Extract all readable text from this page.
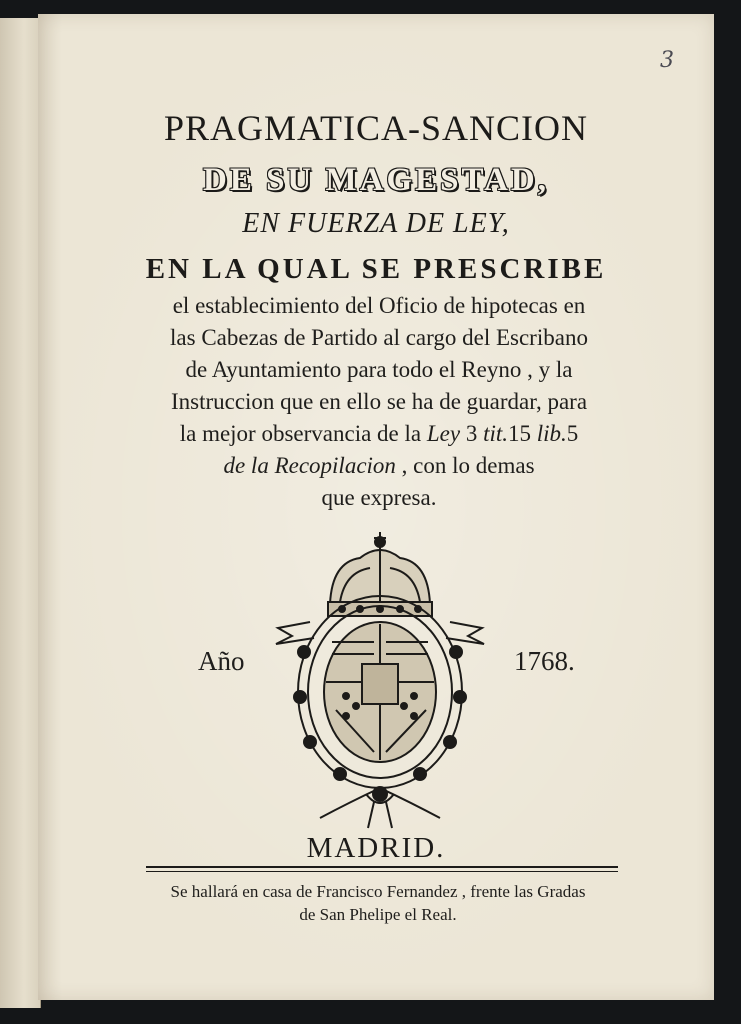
3
PRAGMATICA-SANCION
DE SU MAGESTAD,
EN FUERZA DE LEY,
EN LA QUAL SE PRESCRIBE
el establecimiento del Oficio de hipotecas en
las Cabezas de Partido al cargo del Escribano
de Ayuntamiento para todo el Reyno , y la
Instruccion que en ello se ha de guardar, para
la mejor observancia de la Ley 3 tit.15 lib.5
de la Recopilacion , con lo demas
que expresa.
Año	1768.
MADRID.
Se hallará en casa de Francisco Fernandez , frente las Gradas
de San Phelipe el Real.
